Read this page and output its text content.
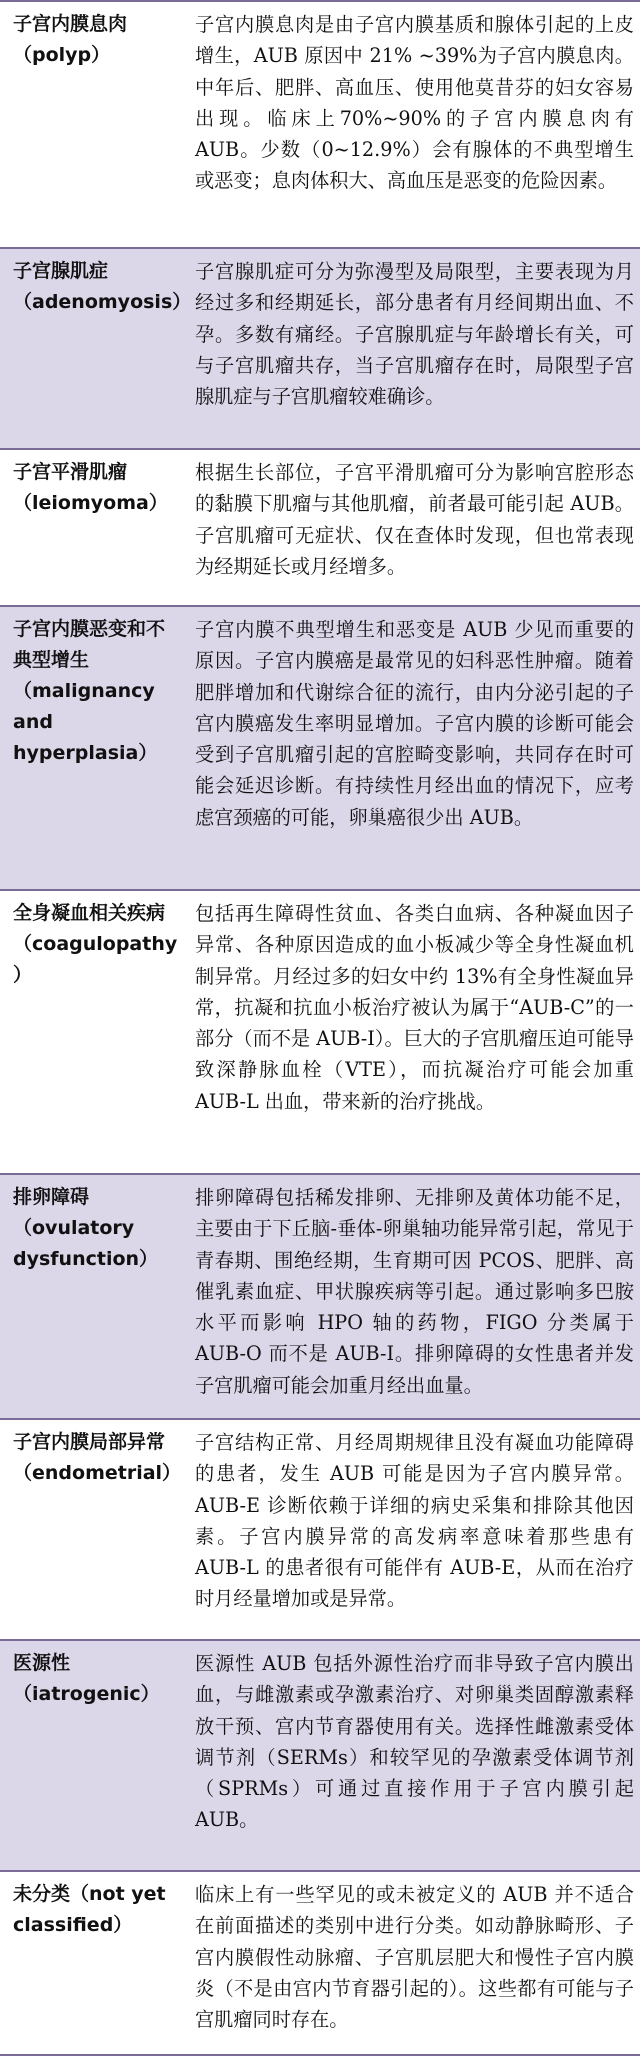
子宫内膜息肉
（polyp）
子宫内膜息肉是由子宫内膜基质和腺体引起的上皮增生，AUB 原因中 21% ~39%为子宫内膜息肉。中年后、肥胖、高血压、使用他莫昔芬的妇女容易出现。临床上70%~90%的子宫内膜息肉有 AUB。少数（0~12.9%）会有腺体的不典型增生或恶变；息肉体积大、高血压是恶变的危险因素。
子宫腺肌症
（adenomyosis）
子宫腺肌症可分为弥漫型及局限型，主要表现为月经过多和经期延长，部分患者有月经间期出血、不孕。多数有痛经。子宫腺肌症与年龄增长有关，可与子宫肌瘤共存，当子宫肌瘤存在时，局限型子宫腺肌症与子宫肌瘤较难确诊。
子宫平滑肌瘤
（leiomyoma）
根据生长部位，子宫平滑肌瘤可分为影响宫腔形态的黏膜下肌瘤与其他肌瘤，前者最可能引起 AUB。子宫肌瘤可无症状、仅在查体时发现，但也常表现为经期延长或月经增多。
子宫内膜恶变和不典型增生
（malignancy and hyperplasia）
子宫内膜不典型增生和恶变是 AUB 少见而重要的原因。子宫内膜癌是最常见的妇科恶性肿瘤。随着肥胖增加和代谢综合征的流行，由内分泌引起的子宫内膜癌发生率明显增加。子宫内膜的诊断可能会受到子宫肌瘤引起的宫腔畸变影响，共同存在时可能会延迟诊断。有持续性月经出血的情况下，应考虑宫颈癌的可能，卵巢癌很少出 AUB。
全身凝血相关疾病
（coagulopathy）
包括再生障碍性贫血、各类白血病、各种凝血因子异常、各种原因造成的血小板减少等全身性凝血机制异常。月经过多的妇女中约 13%有全身性凝血异常，抗凝和抗血小板治疗被认为属于“AUB-C”的一部分（而不是 AUB-I）。巨大的子宫肌瘤压迫可能导致深静脉血栓（VTE），而抗凝治疗可能会加重 AUB-L 出血，带来新的治疗挑战。
排卵障碍
（ovulatory dysfunction）
排卵障碍包括稀发排卵、无排卵及黄体功能不足，主要由于下丘脑-垂体-卵巢轴功能异常引起，常见于青春期、围绝经期，生育期可因 PCOS、肥胖、高催乳素血症、甲状腺疾病等引起。通过影响多巴胺水平而影响 HPO 轴的药物，FIGO 分类属于 AUB-O 而不是 AUB-I。排卵障碍的女性患者并发子宫肌瘤可能会加重月经出血量。
子宫内膜局部异常
（endometrial）
子宫结构正常、月经周期规律且没有凝血功能障碍的患者，发生 AUB 可能是因为子宫内膜异常。AUB-E 诊断依赖于详细的病史采集和排除其他因素。子宫内膜异常的高发病率意味着那些患有 AUB-L 的患者很有可能伴有 AUB-E，从而在治疗时月经量增加或是异常。
医源性
（iatrogenic）
医源性 AUB 包括外源性治疗而非导致子宫内膜出血，与雌激素或孕激素治疗、对卵巢类固醇激素释放干预、宫内节育器使用有关。选择性雌激素受体调节剂（SERMs）和较罕见的孕激素受体调节剂（SPRMs）可通过直接作用于子宫内膜引起 AUB。
未分类（not yet classified）
临床上有一些罕见的或未被定义的 AUB 并不适合在前面描述的类别中进行分类。如动静脉畸形、子宫内膜假性动脉瘤、子宫肌层肥大和慢性子宫内膜炎（不是由宫内节育器引起的）。这些都有可能与子宫肌瘤同时存在。
